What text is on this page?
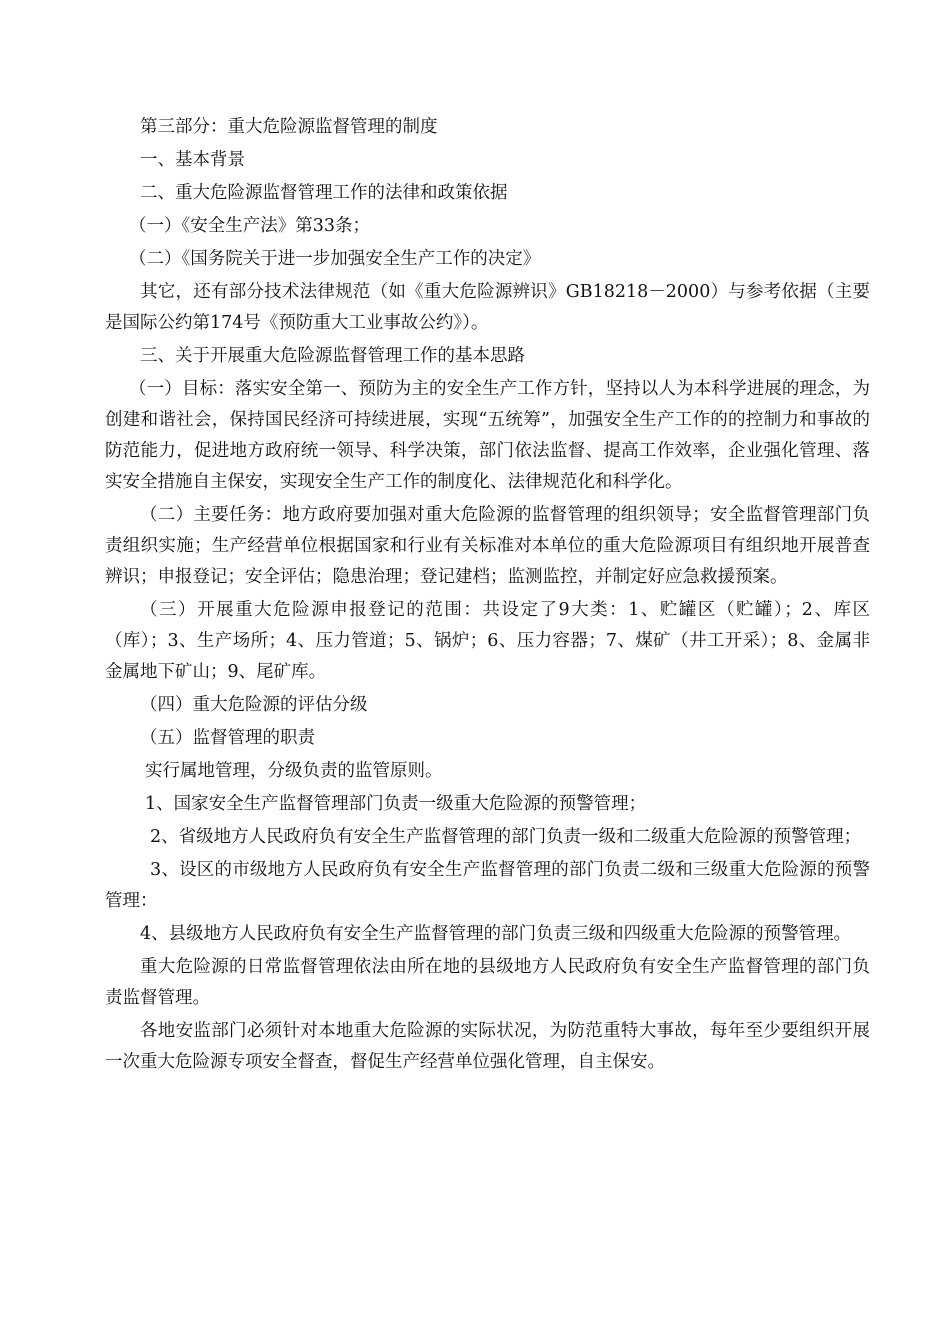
第三部分：重大危险源监督管理的制度

一、基本背景

二、重大危险源监督管理工作的法律和政策依据

（一）《安全生产法》第33条；

（二）《国务院关于进一步加强安全生产工作的决定》

其它，还有部分技术法律规范（如《重大危险源辨识》GB18218－2000）与参考依据（主要是国际公约第174号《预防重大工业事故公约》）。

三、关于开展重大危险源监督管理工作的基本思路

（一）目标：落实安全第一、预防为主的安全生产工作方针，坚持以人为本科学进展的理念，为创建和谐社会，保持国民经济可持续进展，实现“五统筹”，加强安全生产工作的的控制力和事故的防范能力，促进地方政府统一领导、科学决策，部门依法监督、提高工作效率，企业强化管理、落实安全措施自主保安，实现安全生产工作的制度化、法律规范化和科学化。

（二）主要任务：地方政府要加强对重大危险源的监督管理的组织领导；安全监督管理部门负责组织实施；生产经营单位根据国家和行业有关标准对本单位的重大危险源项目有组织地开展普查辨识；申报登记；安全评估；隐患治理；登记建档；监测监控，并制定好应急救援预案。

（三）开展重大危险源申报登记的范围：共设定了9大类：1、贮罐区（贮罐）；2、库区（库）；3、生产场所；4、压力管道；5、锅炉；6、压力容器；7、煤矿（井工开采）；8、金属非金属地下矿山；9、尾矿库。

（四）重大危险源的评估分级

（五）监督管理的职责

实行属地管理，分级负责的监管原则。

1、国家安全生产监督管理部门负责一级重大危险源的预警管理；

2、省级地方人民政府负有安全生产监督管理的部门负责一级和二级重大危险源的预警管理；

3、设区的市级地方人民政府负有安全生产监督管理的部门负责二级和三级重大危险源的预警管理：

4、县级地方人民政府负有安全生产监督管理的部门负责三级和四级重大危险源的预警管理。

重大危险源的日常监督管理依法由所在地的县级地方人民政府负有安全生产监督管理的部门负责监督管理。

各地安监部门必须针对本地重大危险源的实际状况，为防范重特大事故，每年至少要组织开展一次重大危险源专项安全督查，督促生产经营单位强化管理，自主保安。
